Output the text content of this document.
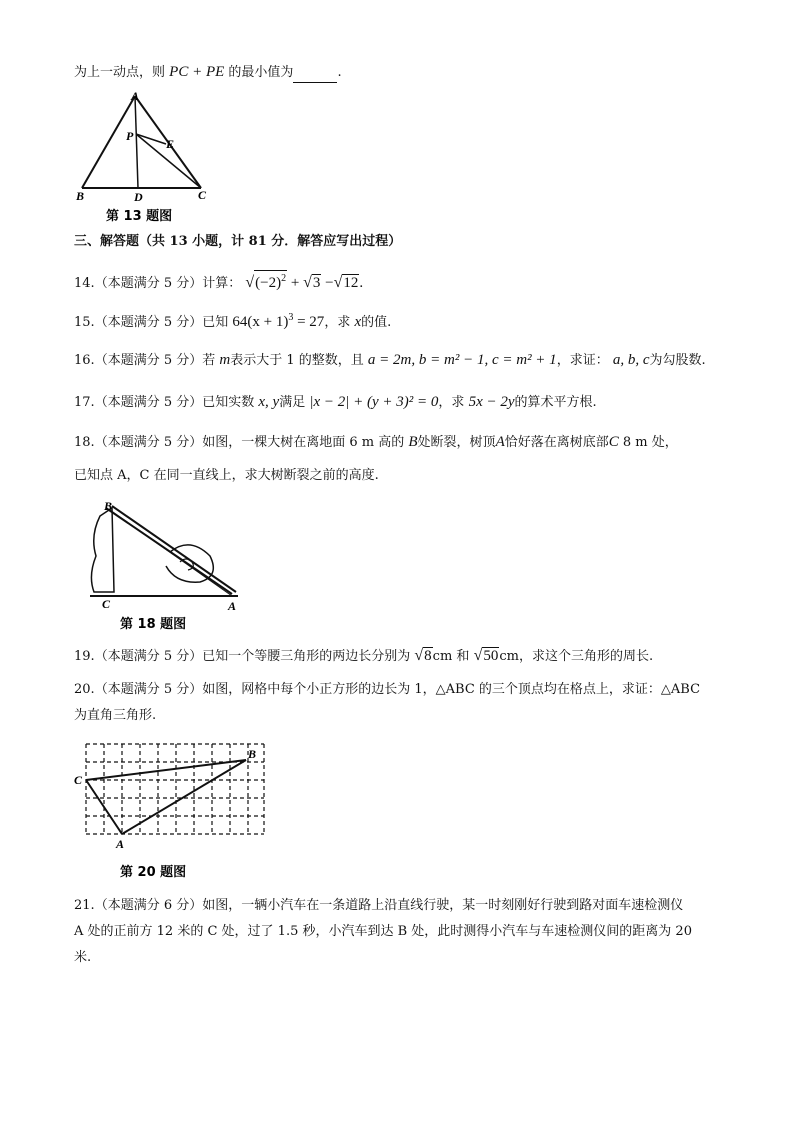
为上一动点，则 PC + PE 的最小值为	.
A
P
E
B	D	C
第 13 题图
三、解答题（共 13 小题，计 81 分．解答应写出过程）
14.（本题满分 5 分）计算： $√(-2)^2 + √3 -√12$.
15.（本题满分 5 分）已知 $64(x + 1)^3 = 27$，求 x的值.
16.（本题满分 5 分）若 m表示大于 1 的整数，且 a = 2m, b = m² − 1, c = m² + 1，求证： a, b, c为勾股数.
17.（本题满分 5 分）已知实数 x, y满足 |x − 2| + (y + 3)² = 0，求 5x − 2y的算术平方根.
18.（本题满分 5 分）如图，一棵大树在离地面 6 m 高的 B处断裂，树顶A恰好落在离树底部C 8 m 处，
已知点 A，C 在同一直线上，求大树断裂之前的高度.
B
C	A
第 18 题图
19.（本题满分 5 分）已知一个等腰三角形的两边长分别为 √8cm 和 √50cm，求这个三角形的周长.
20.（本题满分 5 分）如图，网格中每个小正方形的边长为 1，△ABC 的三个顶点均在格点上，求证：△ABC
为直角三角形.
B
C
A
第 20 题图
21.（本题满分 6 分）如图，一辆小汽车在一条道路上沿直线行驶，某一时刻刚好行驶到路对面车速检测仪
A 处的正前方 12 米的 C 处，过了 1.5 秒，小汽车到达 B 处，此时测得小汽车与车速检测仪间的距离为 20
米.
